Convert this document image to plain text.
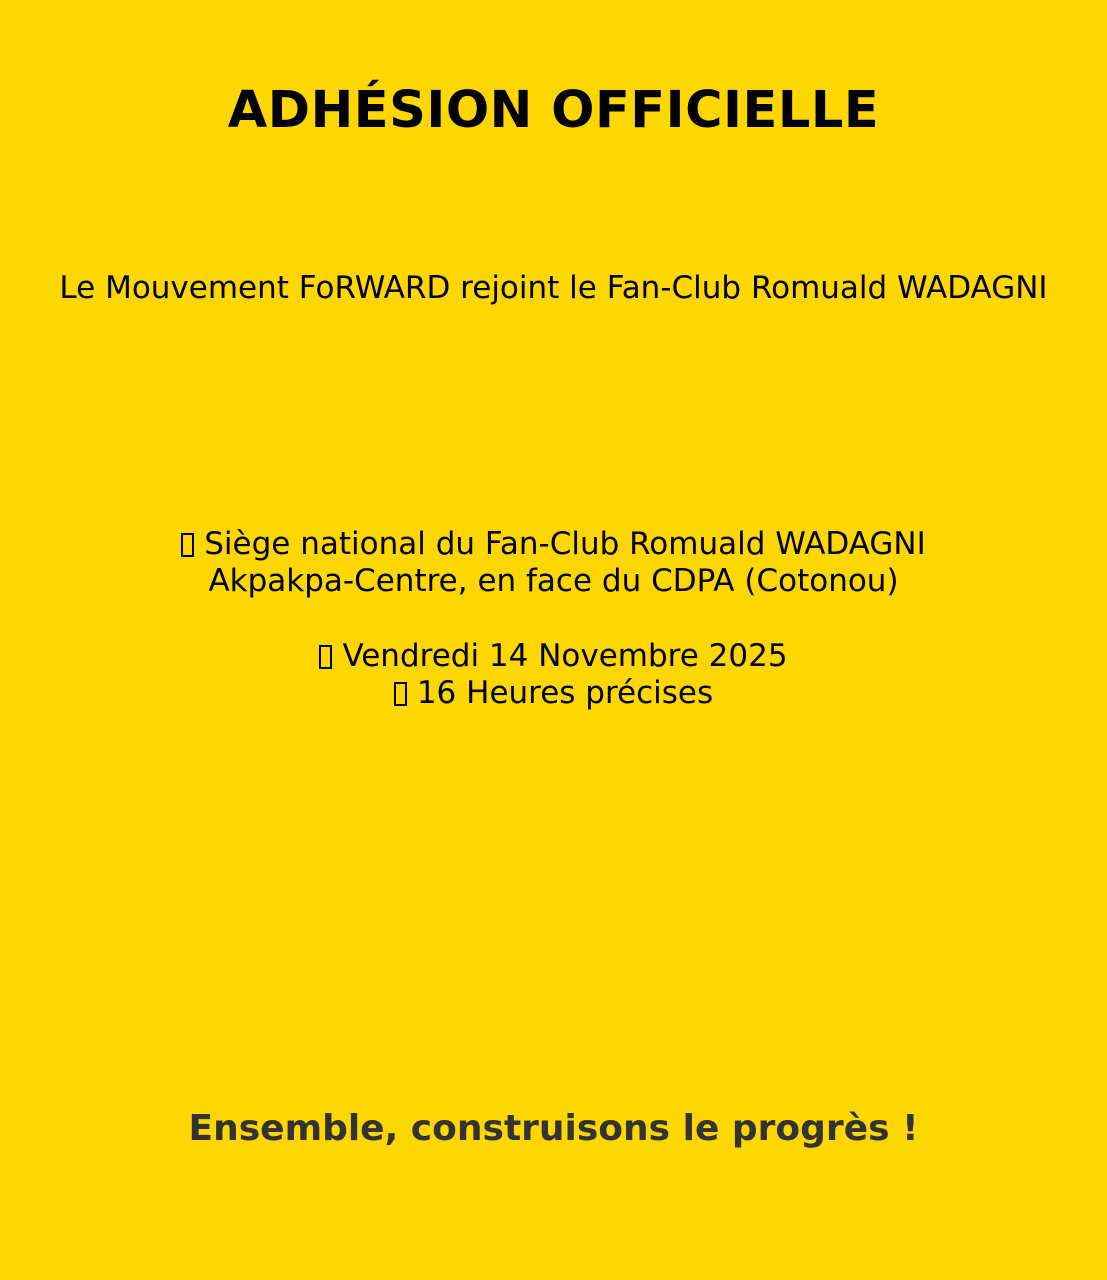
ADHÉSION OFFICIELLE

Le Mouvement FoRWARD rejoint le Fan-Club Romuald WADAGNI

Siège national du Fan-Club Romuald WADAGNI
Akpakpa-Centre, en face du CDPA (Cotonou)
Vendredi 14 Novembre 2025
16 Heures précises

Ensemble, construisons le progrès !
